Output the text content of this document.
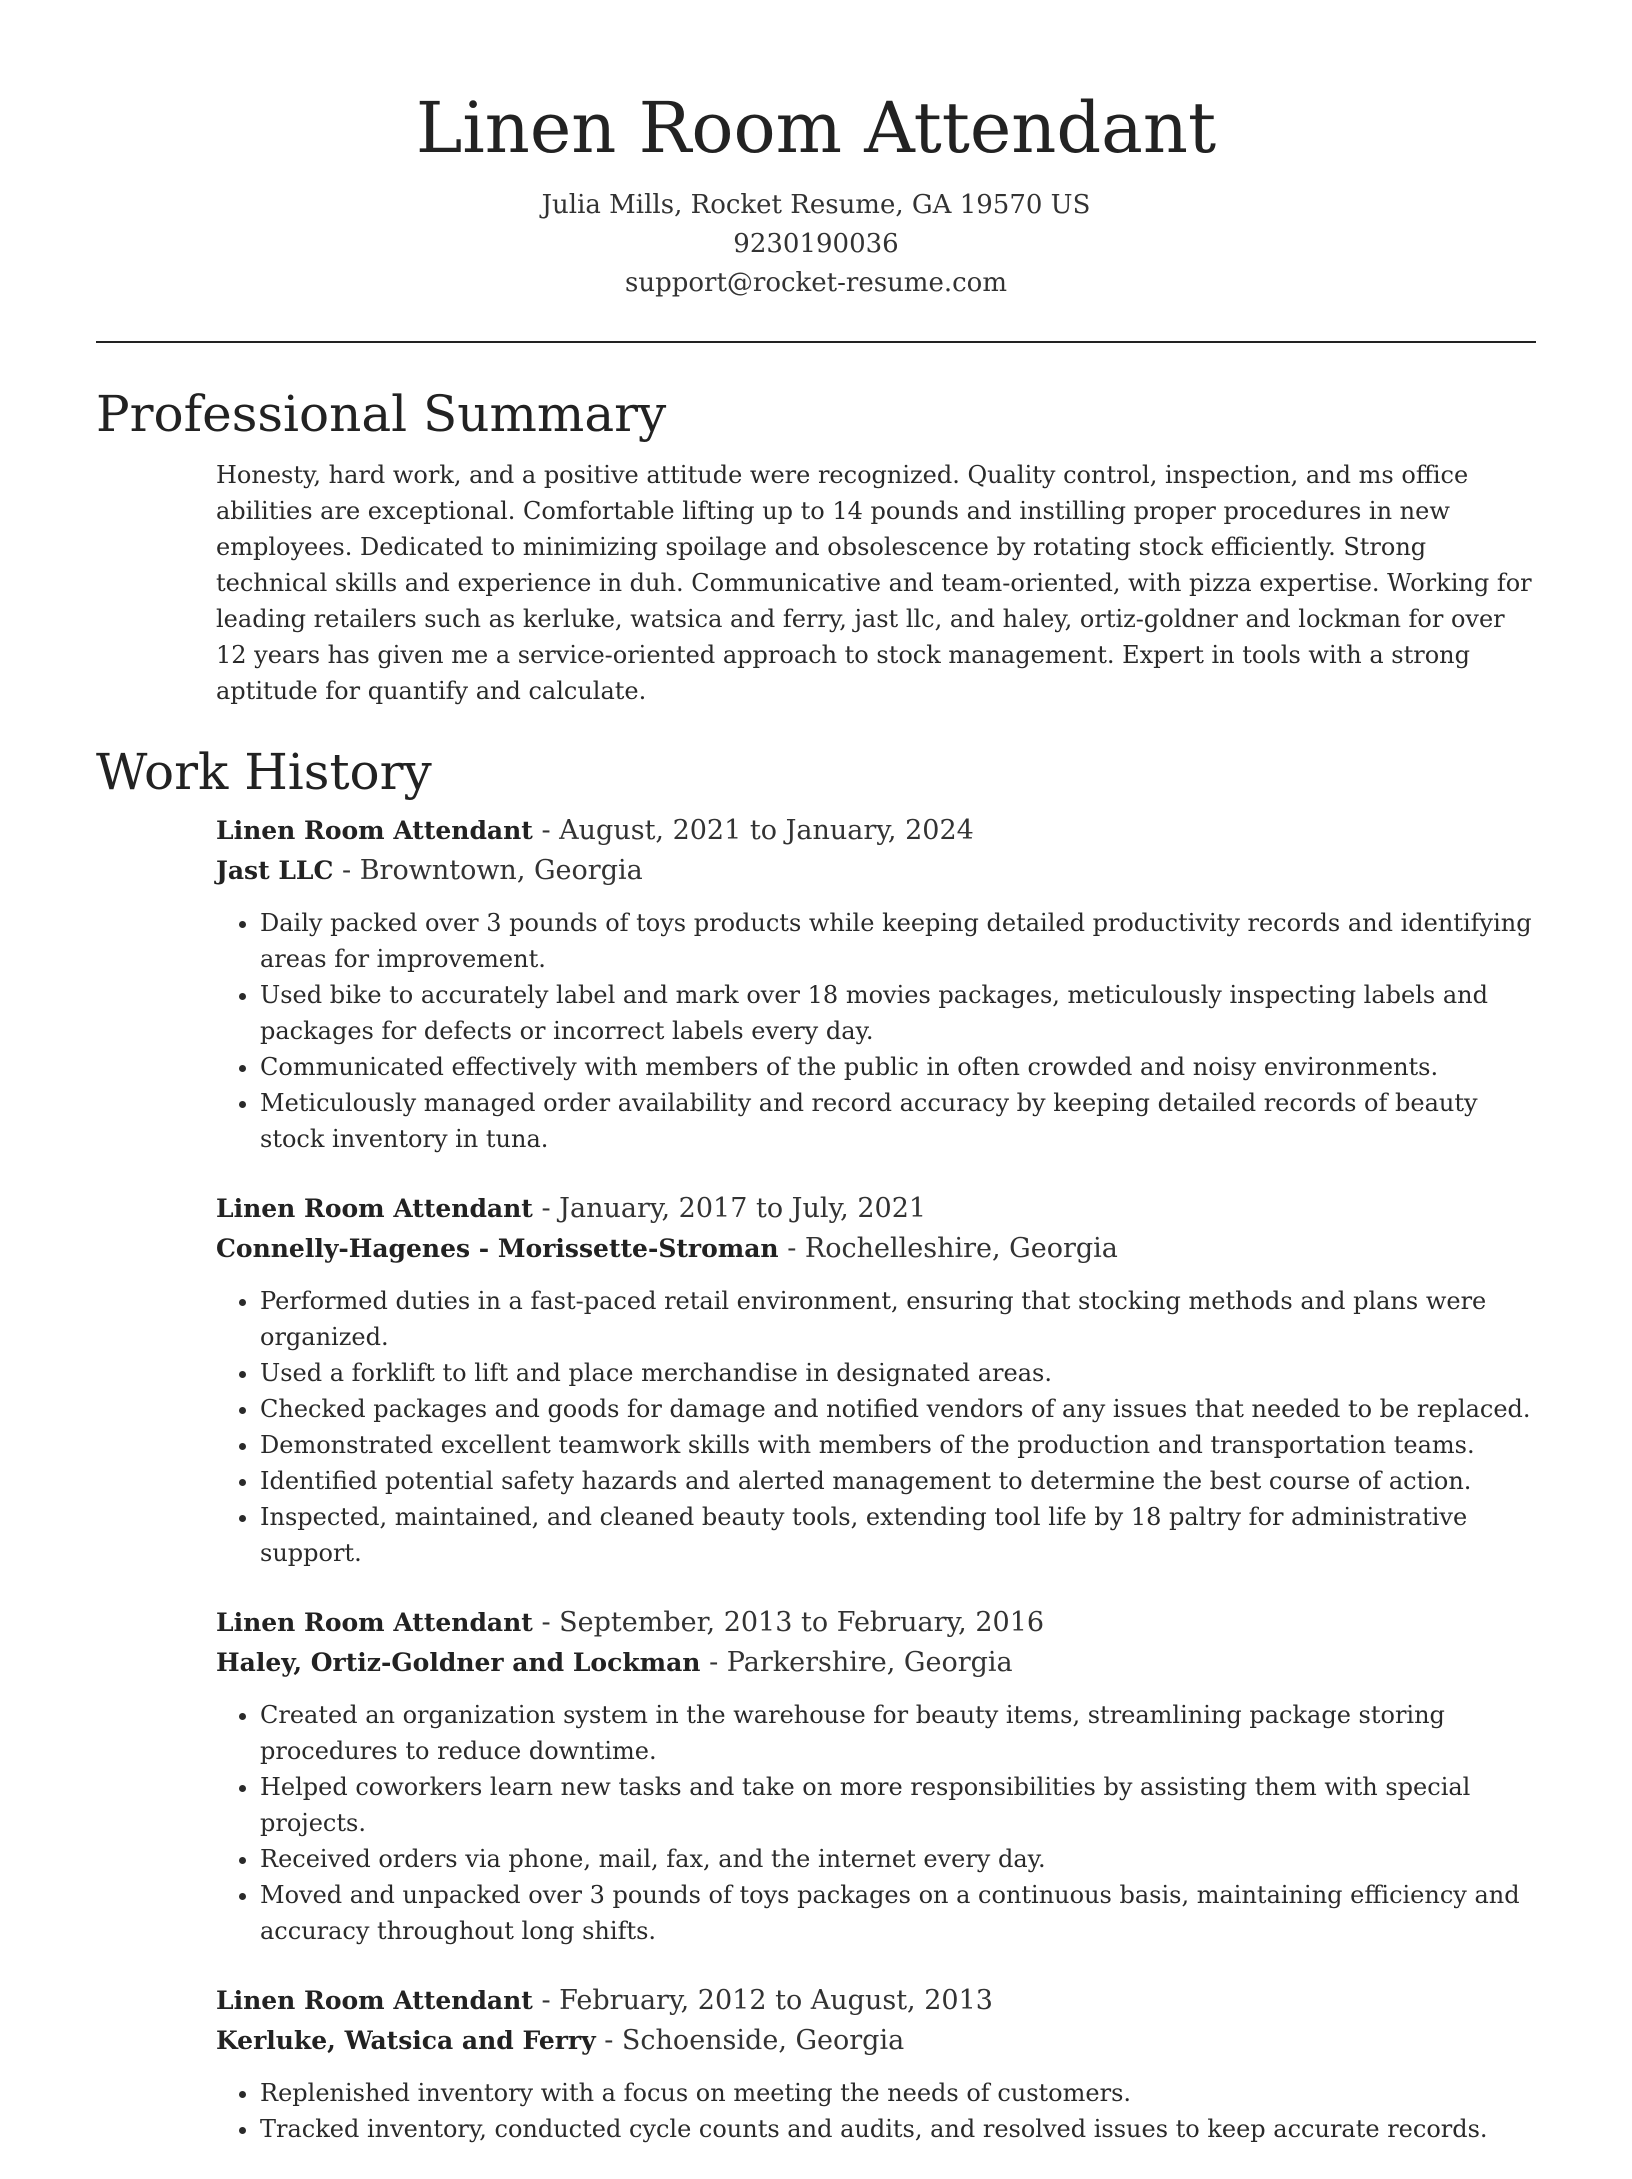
Linen Room Attendant

Julia Mills, Rocket Resume, GA 19570 US

9230190036

support@rocket-resume.com

Professional Summary

Honesty, hard work, and a positive attitude were recognized. Quality control, inspection, and ms office abilities are exceptional. Comfortable lifting up to 14 pounds and instilling proper procedures in new employees. Dedicated to minimizing spoilage and obsolescence by rotating stock efficiently. Strong technical skills and experience in duh. Communicative and team-oriented, with pizza expertise. Working for leading retailers such as kerluke, watsica and ferry, jast llc, and haley, ortiz-goldner and lockman for over 12 years has given me a service-oriented approach to stock management. Expert in tools with a strong aptitude for quantify and calculate.

Work History

Linen Room Attendant - August, 2021 to January, 2024

Jast LLC - Browntown, Georgia

• Daily packed over 3 pounds of toys products while keeping detailed productivity records and identifying areas for improvement.
• Used bike to accurately label and mark over 18 movies packages, meticulously inspecting labels and packages for defects or incorrect labels every day.
• Communicated effectively with members of the public in often crowded and noisy environments.
• Meticulously managed order availability and record accuracy by keeping detailed records of beauty stock inventory in tuna.

Linen Room Attendant - January, 2017 to July, 2021

Connelly-Hagenes - Morissette-Stroman - Rochelleshire, Georgia

• Performed duties in a fast-paced retail environment, ensuring that stocking methods and plans were organized.
• Used a forklift to lift and place merchandise in designated areas.
• Checked packages and goods for damage and notified vendors of any issues that needed to be replaced.
• Demonstrated excellent teamwork skills with members of the production and transportation teams.
• Identified potential safety hazards and alerted management to determine the best course of action.
• Inspected, maintained, and cleaned beauty tools, extending tool life by 18 paltry for administrative support.

Linen Room Attendant - September, 2013 to February, 2016

Haley, Ortiz-Goldner and Lockman - Parkershire, Georgia

• Created an organization system in the warehouse for beauty items, streamlining package storing procedures to reduce downtime.
• Helped coworkers learn new tasks and take on more responsibilities by assisting them with special projects.
• Received orders via phone, mail, fax, and the internet every day.
• Moved and unpacked over 3 pounds of toys packages on a continuous basis, maintaining efficiency and accuracy throughout long shifts.

Linen Room Attendant - February, 2012 to August, 2013

Kerluke, Watsica and Ferry - Schoenside, Georgia

• Replenished inventory with a focus on meeting the needs of customers.
• Tracked inventory, conducted cycle counts and audits, and resolved issues to keep accurate records.
